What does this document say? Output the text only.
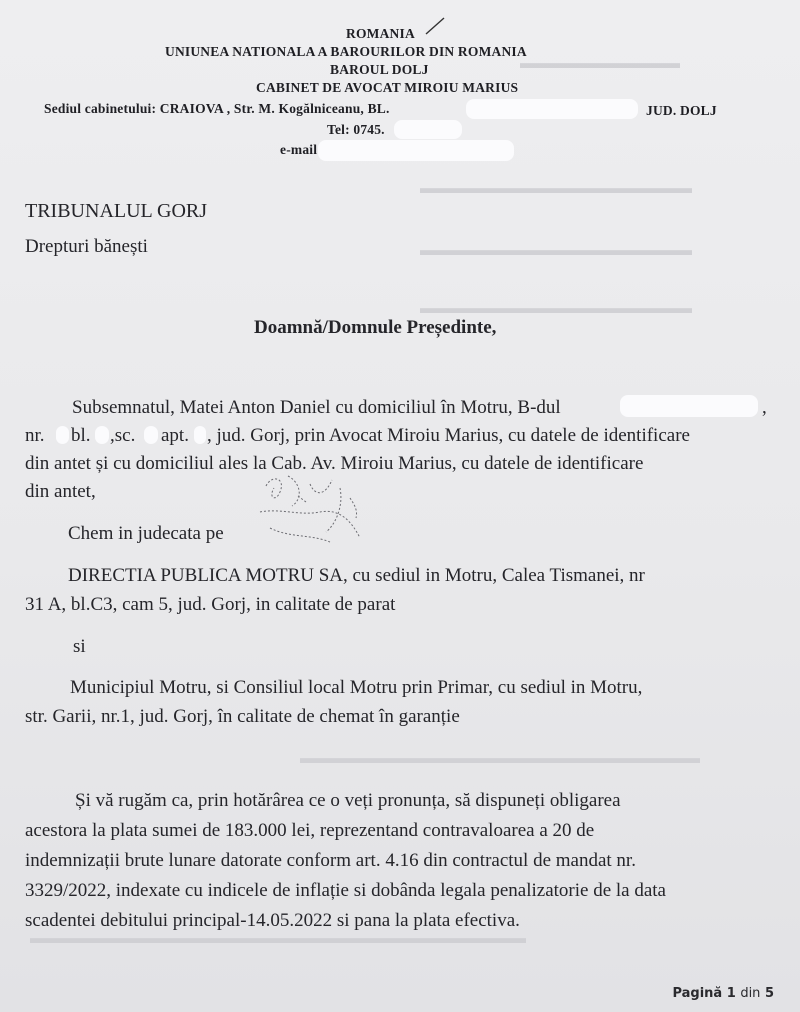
▬▬▬▬▬▬▬▬▬▬
▬▬▬▬▬▬▬▬▬▬▬▬▬▬▬▬▬
▬▬▬▬▬▬▬▬▬▬▬▬▬▬▬▬▬
▬▬▬▬▬▬▬▬▬▬▬▬▬▬▬▬▬
▬▬▬▬▬▬▬▬▬▬▬▬▬▬▬▬▬▬▬▬▬▬▬▬▬
▬▬▬▬▬▬▬▬▬▬▬▬▬▬▬▬▬▬▬▬▬▬▬▬▬▬▬▬▬▬▬
ROMANIA
UNIUNEA NATIONALA A BAROURILOR DIN ROMANIA
BAROUL DOLJ
CABINET DE AVOCAT MIROIU MARIUS
Sediul cabinetului: CRAIOVA , Str. M. Kogălniceanu, BL.	JUD. DOLJ
Tel: 0745.
e-mail
TRIBUNALUL GORJ
Drepturi bănești
Doamnă/Domnule Președinte,
Subsemnatul, Matei Anton Daniel cu domiciliul în Motru, B-dul	,
nr. bl. ,sc. apt. , jud. Gorj, prin Avocat Miroiu Marius, cu datele de identificare
din antet și cu domiciliul ales la Cab. Av. Miroiu Marius, cu datele de identificare
din antet,
Chem in judecata pe
DIRECTIA PUBLICA MOTRU SA, cu sediul in Motru, Calea Tismanei, nr
31 A, bl.C3, cam 5, jud. Gorj, in calitate de parat
si
Municipiul Motru, si Consiliul local Motru prin Primar, cu sediul in Motru,
str. Garii, nr.1, jud. Gorj, în calitate de chemat în garanție
Și vă rugăm ca, prin hotărârea ce o veți pronunța, să dispuneți obligarea
acestora la plata sumei de 183.000 lei, reprezentand contravaloarea a 20 de
indemnizații brute lunare datorate conform art. 4.16 din contractul de mandat nr.
3329/2022, indexate cu indicele de inflație si dobânda legala penalizatorie de la data
scadentei debitului principal-14.05.2022 si pana la plata efectiva.
Pagină 1 din 5
